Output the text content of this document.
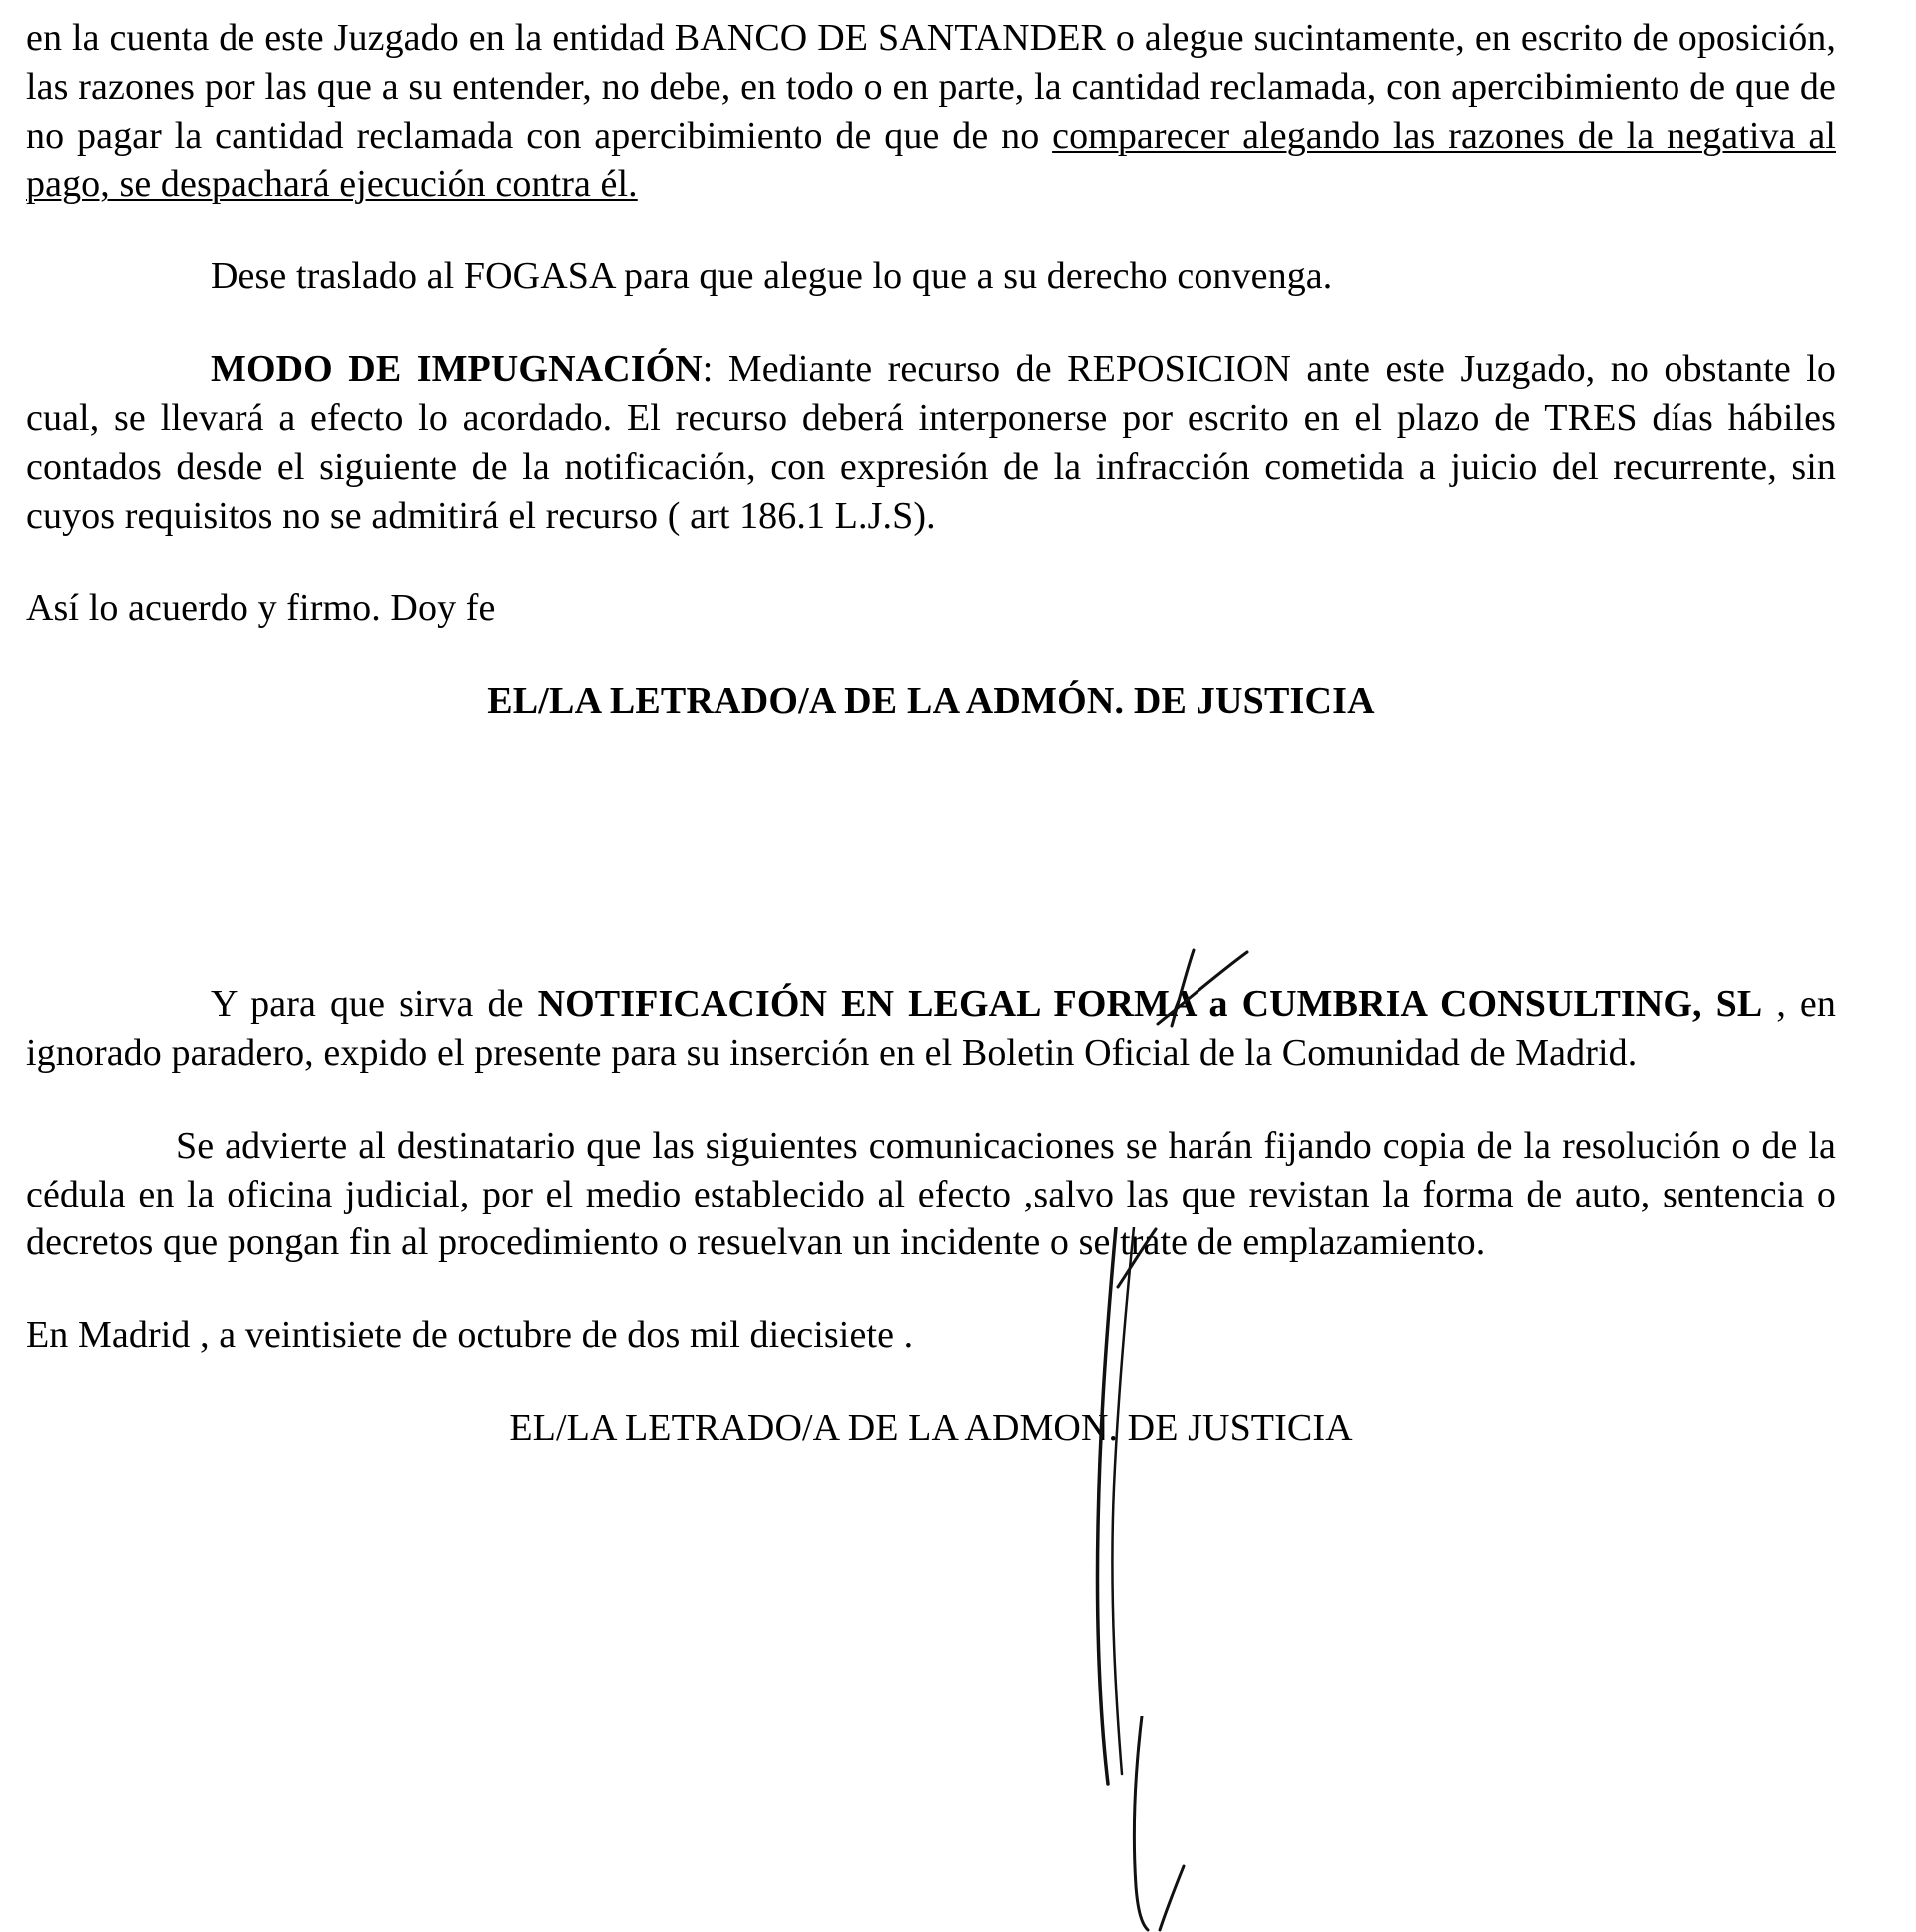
en la cuenta de este Juzgado en la entidad BANCO DE SANTANDER o alegue sucintamente, en escrito de oposición, las razones por las que a su entender, no debe, en todo o en parte, la cantidad reclamada, con apercibimiento de que de no pagar la cantidad reclamada con apercibimiento de que de no comparecer alegando las razones de la negativa al pago, se despachará ejecución contra él.

Dese traslado al FOGASA para que alegue lo que a su derecho convenga.

MODO DE IMPUGNACIÓN: Mediante recurso de REPOSICION ante este Juzgado, no obstante lo cual, se llevará a efecto lo acordado. El recurso deberá interponerse por escrito en el plazo de TRES días hábiles contados desde el siguiente de la notificación, con expresión de la infracción cometida a juicio del recurrente, sin cuyos requisitos no se admitirá el recurso ( art 186.1 L.J.S).

Así lo acuerdo y firmo. Doy fe

EL/LA LETRADO/A DE LA ADMÓN. DE JUSTICIA

Y para que sirva de NOTIFICACIÓN EN LEGAL FORMA a CUMBRIA CONSULTING, SL , en ignorado paradero, expido el presente para su inserción en el Boletin Oficial de la Comunidad de Madrid.

Se advierte al destinatario que las siguientes comunicaciones se harán fijando copia de la resolución o de la cédula en la oficina judicial, por el medio establecido al efecto ,salvo las que revistan la forma de auto, sentencia o decretos que pongan fin al procedimiento o resuelvan un incidente o se trate de emplazamiento.

En Madrid , a veintisiete de octubre de dos mil diecisiete .

EL/LA LETRADO/A DE LA ADMON. DE JUSTICIA
